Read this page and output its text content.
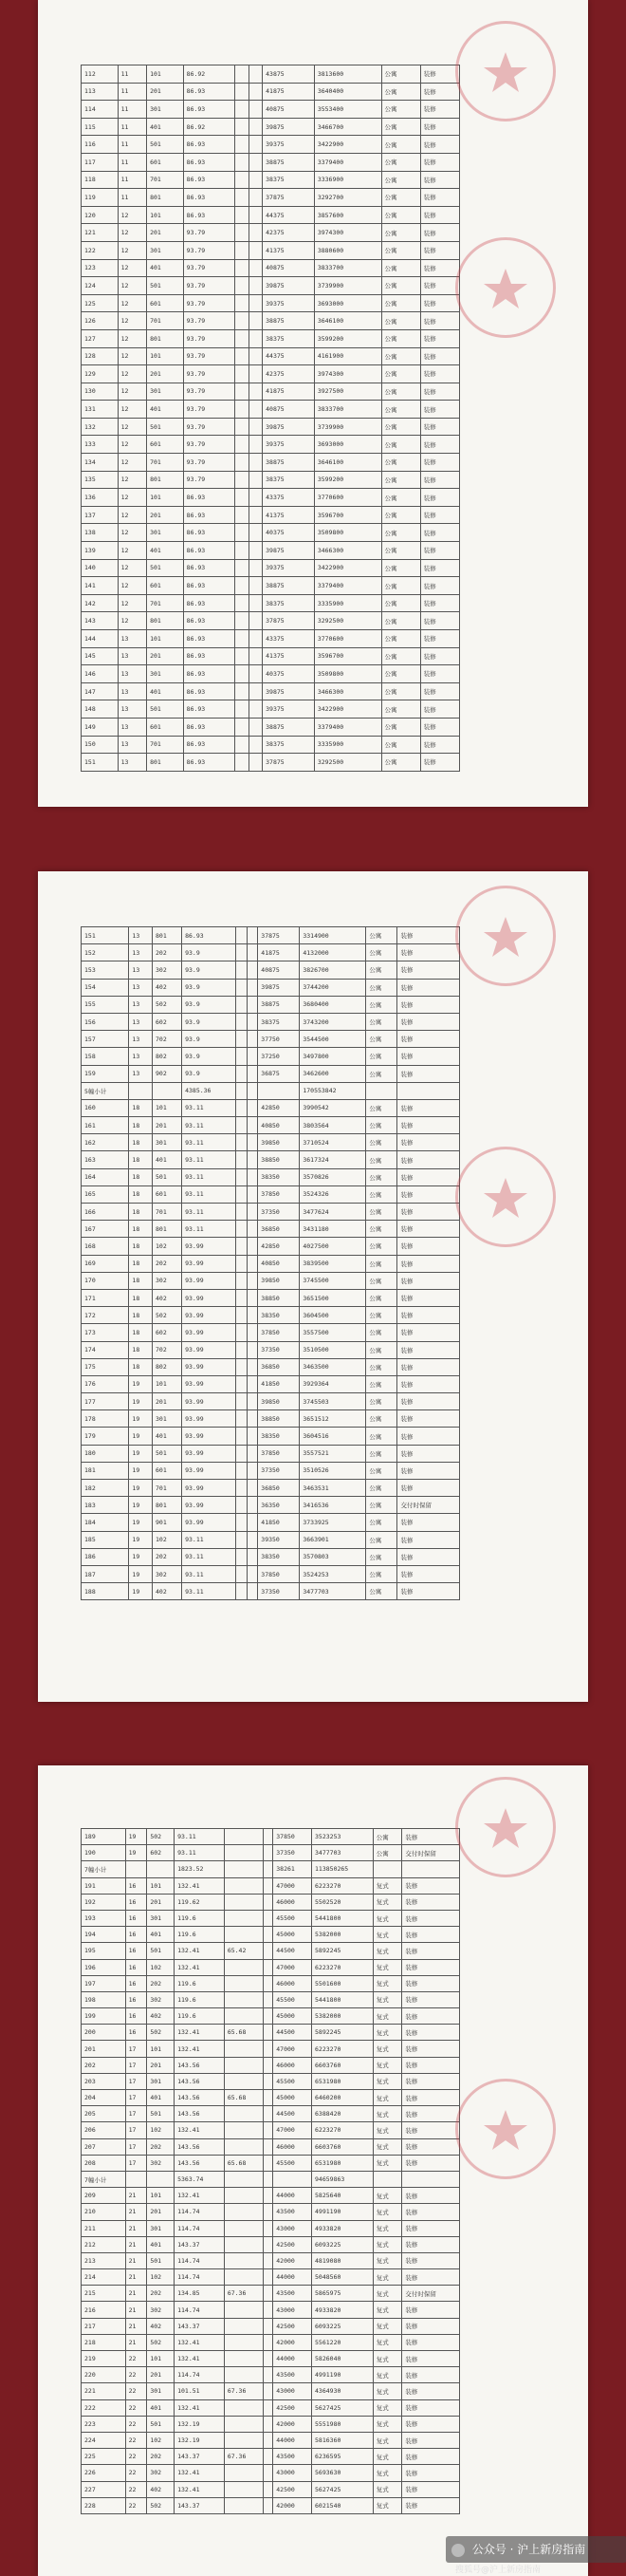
112	11	101	86.92			43875	3813600	公寓	装修
113	11	201	86.93			41875	3640400	公寓	装修
114	11	301	86.93			40875	3553400	公寓	装修
115	11	401	86.92			39875	3466700	公寓	装修
116	11	501	86.93			39375	3422900	公寓	装修
117	11	601	86.93			38875	3379400	公寓	装修
118	11	701	86.93			38375	3336900	公寓	装修
119	11	801	86.93			37875	3292700	公寓	装修
120	12	101	86.93			44375	3857600	公寓	装修
121	12	201	93.79			42375	3974300	公寓	装修
122	12	301	93.79			41375	3880600	公寓	装修
123	12	401	93.79			40875	3833700	公寓	装修
124	12	501	93.79			39875	3739900	公寓	装修
125	12	601	93.79			39375	3693000	公寓	装修
126	12	701	93.79			38875	3646100	公寓	装修
127	12	801	93.79			38375	3599200	公寓	装修
128	12	101	93.79			44375	4161900	公寓	装修
129	12	201	93.79			42375	3974300	公寓	装修
130	12	301	93.79			41875	3927500	公寓	装修
131	12	401	93.79			40875	3833700	公寓	装修
132	12	501	93.79			39875	3739900	公寓	装修
133	12	601	93.79			39375	3693000	公寓	装修
134	12	701	93.79			38875	3646100	公寓	装修
135	12	801	93.79			38375	3599200	公寓	装修
136	12	101	86.93			43375	3770600	公寓	装修
137	12	201	86.93			41375	3596700	公寓	装修
138	12	301	86.93			40375	3509800	公寓	装修
139	12	401	86.93			39875	3466300	公寓	装修
140	12	501	86.93			39375	3422900	公寓	装修
141	12	601	86.93			38875	3379400	公寓	装修
142	12	701	86.93			38375	3335900	公寓	装修
143	12	801	86.93			37875	3292500	公寓	装修
144	13	101	86.93			43375	3770600	公寓	装修
145	13	201	86.93			41375	3596700	公寓	装修
146	13	301	86.93			40375	3509800	公寓	装修
147	13	401	86.93			39875	3466300	公寓	装修
148	13	501	86.93			39375	3422900	公寓	装修
149	13	601	86.93			38875	3379400	公寓	装修
150	13	701	86.93			38375	3335900	公寓	装修
151	13	801	86.93			37875	3292500	公寓	装修
151	13	801	86.93			37875	3314900	公寓	装修
152	13	202	93.9			41875	4132000	公寓	装修
153	13	302	93.9			40875	3826700	公寓	装修
154	13	402	93.9			39875	3744200	公寓	装修
155	13	502	93.9			38875	3680400	公寓	装修
156	13	602	93.9			38375	3743200	公寓	装修
157	13	702	93.9			37750	3544500	公寓	装修
158	13	802	93.9			37250	3497800	公寓	装修
159	13	902	93.9			36875	3462600	公寓	装修
5幢小计			4385.36				170553842		
160	18	101	93.11			42850	3990542	公寓	装修
161	18	201	93.11			40850	3803564	公寓	装修
162	18	301	93.11			39850	3710524	公寓	装修
163	18	401	93.11			38850	3617324	公寓	装修
164	18	501	93.11			38350	3570826	公寓	装修
165	18	601	93.11			37850	3524326	公寓	装修
166	18	701	93.11			37350	3477624	公寓	装修
167	18	801	93.11			36850	3431180	公寓	装修
168	18	102	93.99			42850	4027500	公寓	装修
169	18	202	93.99			40850	3839500	公寓	装修
170	18	302	93.99			39850	3745500	公寓	装修
171	18	402	93.99			38850	3651500	公寓	装修
172	18	502	93.99			38350	3604500	公寓	装修
173	18	602	93.99			37850	3557500	公寓	装修
174	18	702	93.99			37350	3510500	公寓	装修
175	18	802	93.99			36850	3463500	公寓	装修
176	19	101	93.99			41850	3929364	公寓	装修
177	19	201	93.99			39850	3745503	公寓	装修
178	19	301	93.99			38850	3651512	公寓	装修
179	19	401	93.99			38350	3604516	公寓	装修
180	19	501	93.99			37850	3557521	公寓	装修
181	19	601	93.99			37350	3510526	公寓	装修
182	19	701	93.99			36850	3463531	公寓	装修
183	19	801	93.99			36350	3416536	公寓	交付时保留
184	19	901	93.99			41850	3733925	公寓	装修
185	19	102	93.11			39350	3663901	公寓	装修
186	19	202	93.11			38350	3570803	公寓	装修
187	19	302	93.11			37850	3524253	公寓	装修
188	19	402	93.11			37350	3477703	公寓	装修
189	19	502	93.11			37850	3523253	公寓	装修
190	19	602	93.11			37350	3477703	公寓	交付时保留
7幢小计			1823.52			38261	113850265		
191	16	101	132.41			47000	6223270	复式	装修
192	16	201	119.62			46000	5502520	复式	装修
193	16	301	119.6			45500	5441800	复式	装修
194	16	401	119.6			45000	5382000	复式	装修
195	16	501	132.41	65.42		44500	5892245	复式	装修
196	16	102	132.41			47000	6223270	复式	装修
197	16	202	119.6			46000	5501600	复式	装修
198	16	302	119.6			45500	5441800	复式	装修
199	16	402	119.6			45000	5382000	复式	装修
200	16	502	132.41	65.68		44500	5892245	复式	装修
201	17	101	132.41			47000	6223270	复式	装修
202	17	201	143.56			46000	6603760	复式	装修
203	17	301	143.56			45500	6531980	复式	装修
204	17	401	143.56	65.68		45000	6460200	复式	装修
205	17	501	143.56			44500	6388420	复式	装修
206	17	102	132.41			47000	6223270	复式	装修
207	17	202	143.56			46000	6603760	复式	装修
208	17	302	143.56	65.68		45500	6531980	复式	装修
7幢小计			5363.74				94659863		
209	21	101	132.41			44000	5825640	复式	装修
210	21	201	114.74			43500	4991190	复式	装修
211	21	301	114.74			43000	4933820	复式	装修
212	21	401	143.37			42500	6093225	复式	装修
213	21	501	114.74			42000	4819080	复式	装修
214	21	102	114.74			44000	5048560	复式	装修
215	21	202	134.85	67.36		43500	5865975	复式	交付时保留
216	21	302	114.74			43000	4933820	复式	装修
217	21	402	143.37			42500	6093225	复式	装修
218	21	502	132.41			42000	5561220	复式	装修
219	22	101	132.41			44000	5826040	复式	装修
220	22	201	114.74			43500	4991190	复式	装修
221	22	301	101.51	67.36		43000	4364930	复式	装修
222	22	401	132.41			42500	5627425	复式	装修
223	22	501	132.19			42000	5551980	复式	装修
224	22	102	132.19			44000	5816360	复式	装修
225	22	202	143.37	67.36		43500	6236595	复式	装修
226	22	302	132.41			43000	5693630	复式	装修
227	22	402	132.41			42500	5627425	复式	装修
228	22	502	143.37			42000	6021540	复式	装修
公众号 · 沪上新房指南
搜狐号@沪上新房指南
